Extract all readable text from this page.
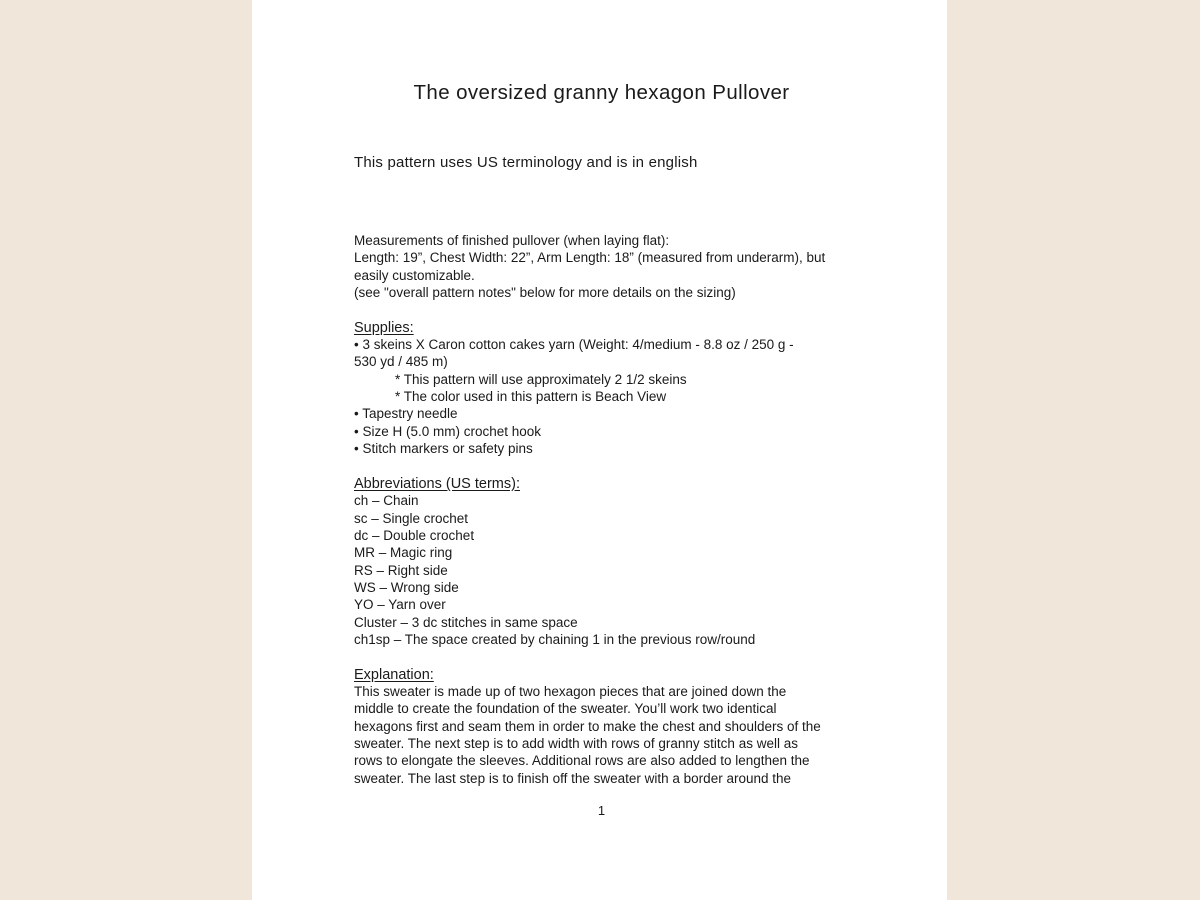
The oversized granny hexagon Pullover
This pattern uses US terminology and is in english
Measurements of finished pullover (when laying flat):
Length: 19”, Chest Width: 22”, Arm Length: 18” (measured from underarm), but
easily customizable.
(see "overall pattern notes" below for more details on the sizing)
Supplies:
• 3 skeins X Caron cotton cakes yarn (Weight: 4/medium - 8.8 oz / 250 g -
530 yd / 485 m)
* This pattern will use approximately 2 1/2 skeins
* The color used in this pattern is Beach View
• Tapestry needle
• Size H (5.0 mm) crochet hook
• Stitch markers or safety pins
Abbreviations (US terms):
ch – Chain
sc – Single crochet
dc – Double crochet
MR – Magic ring
RS – Right side
WS – Wrong side
YO – Yarn over
Cluster – 3 dc stitches in same space
ch1sp – The space created by chaining 1 in the previous row/round
Explanation:
This sweater is made up of two hexagon pieces that are joined down the
middle to create the foundation of the sweater. You’ll work two identical
hexagons first and seam them in order to make the chest and shoulders of the
sweater. The next step is to add width with rows of granny stitch as well as
rows to elongate the sleeves. Additional rows are also added to lengthen the
sweater. The last step is to finish off the sweater with a border around the
1
